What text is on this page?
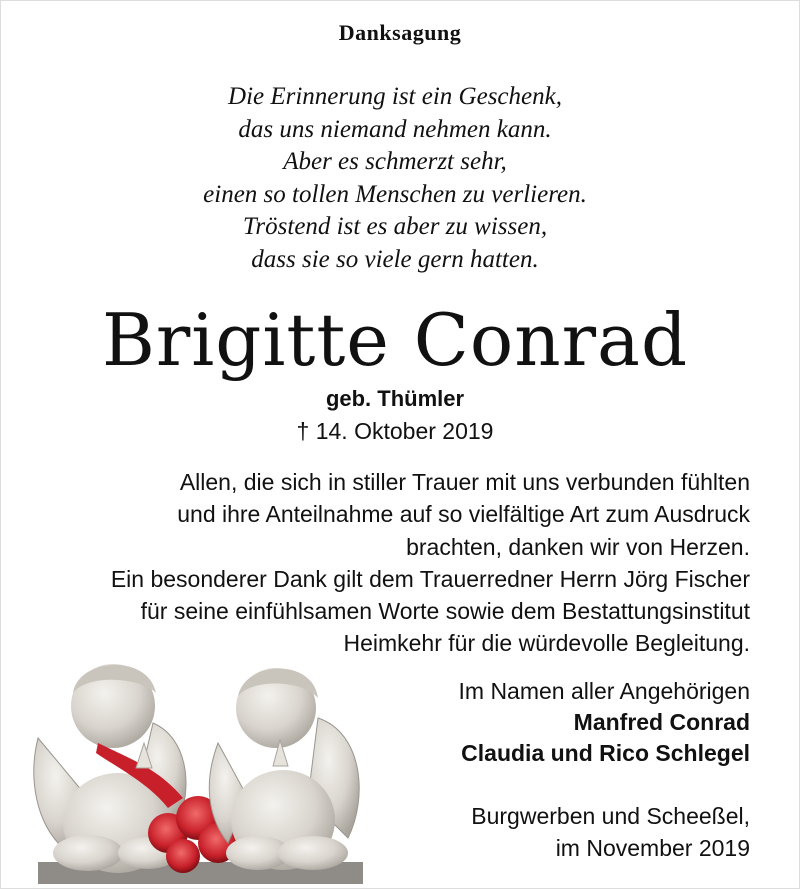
Danksagung
Die Erinnerung ist ein Geschenk,
das uns niemand nehmen kann.
Aber es schmerzt sehr,
einen so tollen Menschen zu verlieren.
Tröstend ist es aber zu wissen,
dass sie so viele gern hatten.
Brigitte Conrad
geb. Thümler
† 14. Oktober 2019
Allen, die sich in stiller Trauer mit uns verbunden fühlten
und ihre Anteilnahme auf so vielfältige Art zum Ausdruck
brachten, danken wir von Herzen.
Ein besonderer Dank gilt dem Trauerredner Herrn Jörg Fischer
für seine einfühlsamen Worte sowie dem Bestattungsinstitut
Heimkehr für die würdevolle Begleitung.
Im Namen aller Angehörigen
Manfred Conrad
Claudia und Rico Schlegel
Burgwerben und Scheeßel,
im November 2019
